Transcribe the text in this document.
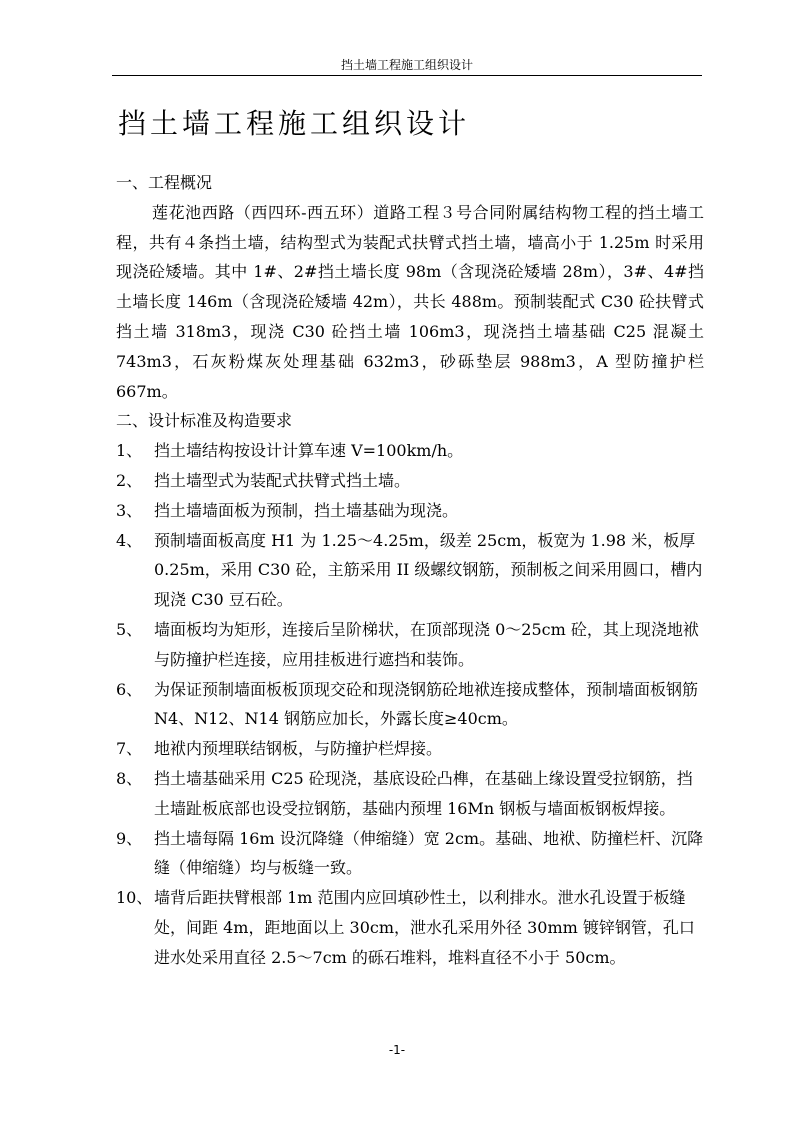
挡土墙工程施工组织设计
挡土墙工程施工组织设计

一、工程概况

莲花池西路（西四环-西五环）道路工程３号合同附属结构物工程的挡土墙工程，共有４条挡土墙，结构型式为装配式扶臂式挡土墙，墙高小于 1.25m 时采用现浇砼矮墙。其中 1#、2#挡土墙长度 98m（含现浇砼矮墙 28m），3#、4#挡土墙长度 146m（含现浇砼矮墙 42m），共长 488m。预制装配式 C30 砼扶臂式挡土墙 318m3，现浇 C30 砼挡土墙 106m3，现浇挡土墙基础 C25 混凝土 743m3，石灰粉煤灰处理基础 632m3，砂砾垫层 988m3，A 型防撞护栏 667m。

二、设计标准及构造要求

1、 挡土墙结构按设计计算车速 V=100km/h。
2、 挡土墙型式为装配式扶臂式挡土墙。
3、 挡土墙墙面板为预制，挡土墙基础为现浇。
4、 预制墙面板高度 H1 为 1.25～4.25m，级差 25cm，板宽为 1.98 米，板厚 0.25m，采用 C30 砼，主筋采用 II 级螺纹钢筋，预制板之间采用圆口，槽内现浇 C30 豆石砼。
5、 墙面板均为矩形，连接后呈阶梯状，在顶部现浇 0～25cm 砼，其上现浇地袱与防撞护栏连接，应用挂板进行遮挡和装饰。
6、 为保证预制墙面板板顶现交砼和现浇钢筋砼地袱连接成整体，预制墙面板钢筋 N4、N12、N14 钢筋应加长，外露长度≥40cm。
7、 地袱内预埋联结钢板，与防撞护栏焊接。
8、 挡土墙基础采用 C25 砼现浇，基底设砼凸榫，在基础上缘设置受拉钢筋，挡土墙趾板底部也设受拉钢筋，基础内预埋 16Mn 钢板与墙面板钢板焊接。
9、 挡土墙每隔 16m 设沉降缝（伸缩缝）宽 2cm。基础、地袱、防撞栏杆、沉降缝（伸缩缝）均与板缝一致。
10、 墙背后距扶臂根部 1m 范围内应回填砂性土，以利排水。泄水孔设置于板缝处，间距 4m，距地面以上 30cm，泄水孔采用外径 30mm 镀锌钢管，孔口进水处采用直径 2.5～7cm 的砾石堆料，堆料直径不小于 50cm。
-1-
